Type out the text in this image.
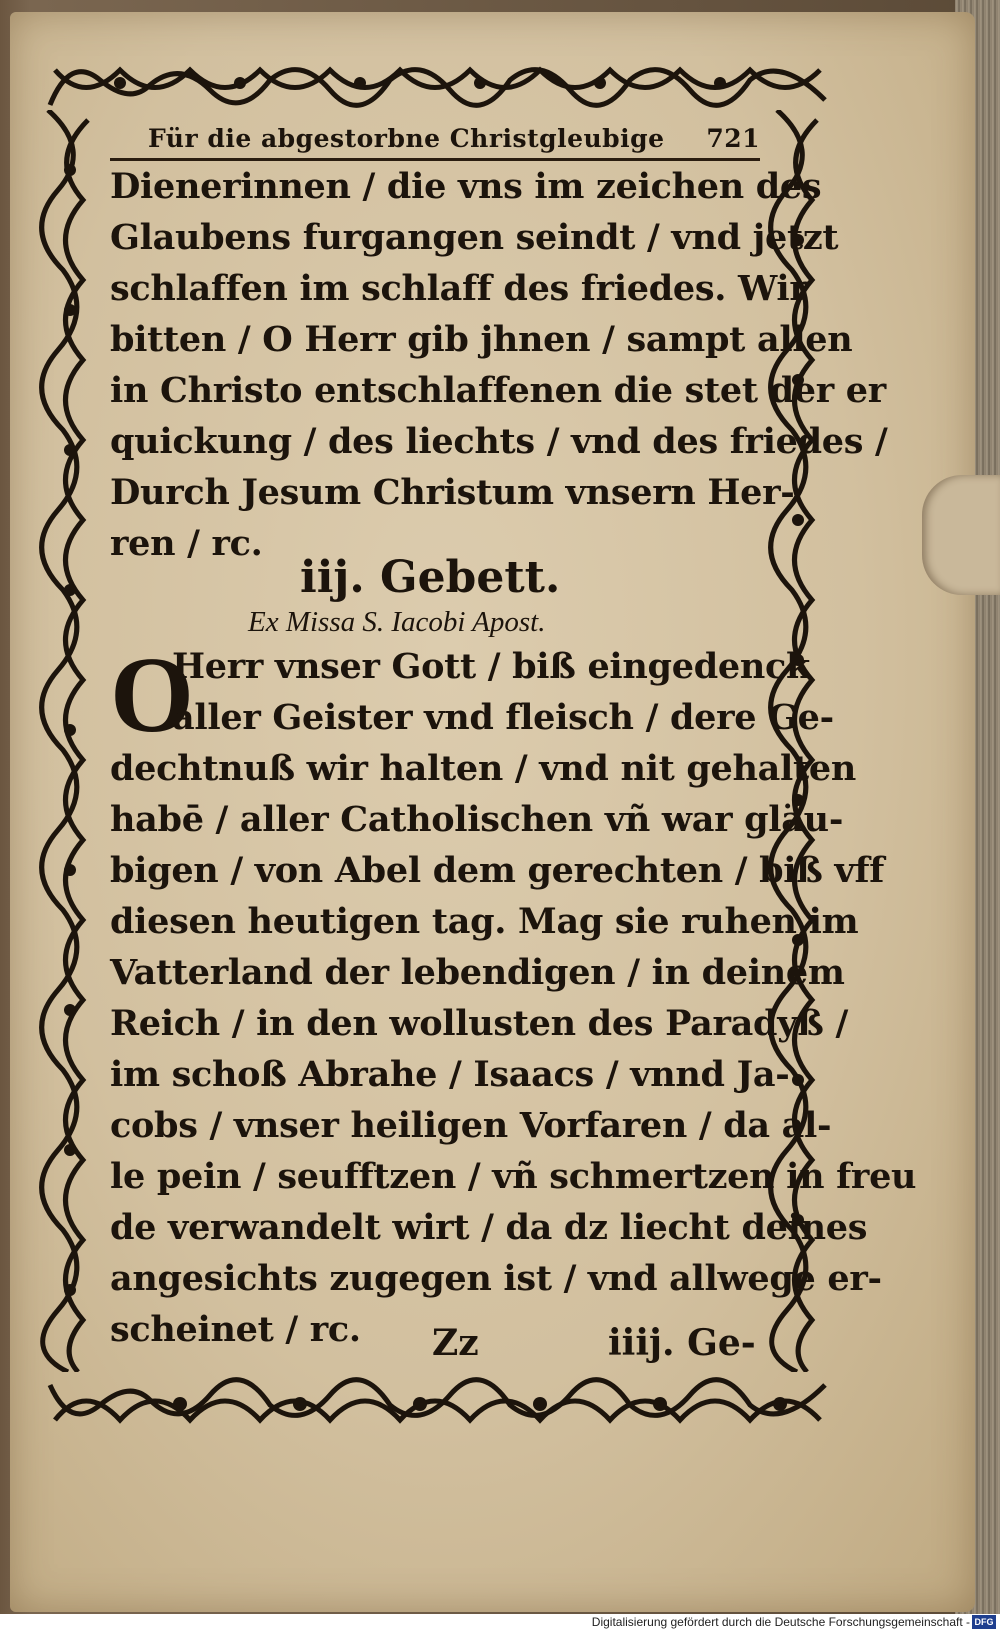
Für die abgestorbne Christgleubige 721
Dienerinnen / die vns im zeichen des
Glaubens furgangen seindt / vnd jetzt
schlaffen im schlaff des friedes. Wir
bitten / O Herr gib jhnen / sampt allen
in Christo entschlaffenen die stet der er
quickung / des liechts / vnd des friedes /
Durch Jesum Christum vnsern Her-
ren / rc.
iij. Gebett.
Ex Missa S. Iacobi Apost.
O
Herr vnser Gott / biß eingedenck
aller Geister vnd fleisch / dere Ge-
dechtnuß wir halten / vnd nit gehalten
habē / aller Catholischen vñ war gläu-
bigen / von Abel dem gerechten / biß vff
diesen heutigen tag. Mag sie ruhen im
Vatterland der lebendigen / in deinem
Reich / in den wollusten des Paradyß /
im schoß Abrahe / Isaacs / vnnd Ja-
cobs / vnser heiligen Vorfaren / da al-
le pein / seufftzen / vñ schmertzen in freu
de verwandelt wirt / da dz liecht deines
angesichts zugegen ist / vnd allwege er-
scheinet / rc. Zz	iiij. Ge-
Digitalisierung gefördert durch die Deutsche Forschungsgemeinschaft - DFG
